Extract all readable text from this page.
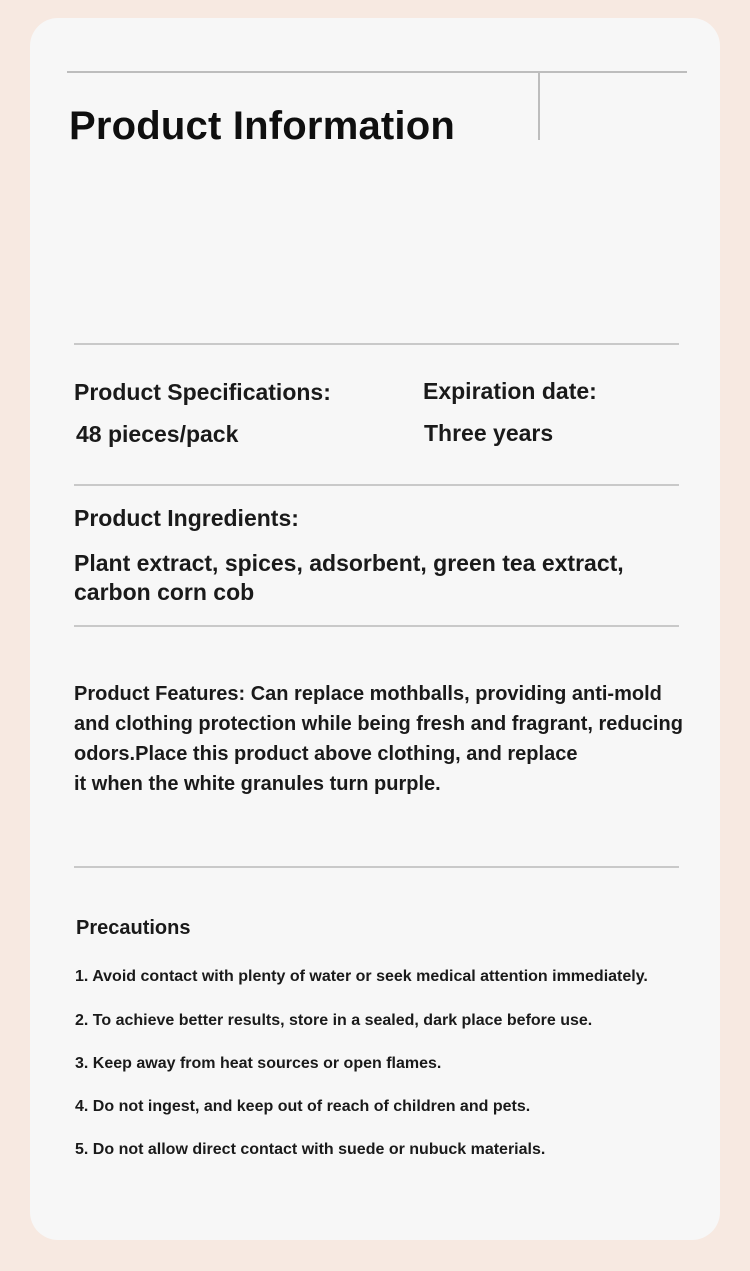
Product Information
Product Specifications:
48 pieces/pack
Expiration date:
Three years
Product Ingredients:
Plant extract, spices, adsorbent, green tea extract, carbon corn cob
Product Features: Can replace mothballs, providing anti-mold
and clothing protection while being fresh and fragrant, reducing
odors.Place this product above clothing, and replace
it when the white granules turn purple.
Precautions
1. Avoid contact with plenty of water or seek medical attention immediately.
2. To achieve better results, store in a sealed, dark place before use.
3. Keep away from heat sources or open flames.
4. Do not ingest, and keep out of reach of children and pets.
5. Do not allow direct contact with suede or nubuck materials.
